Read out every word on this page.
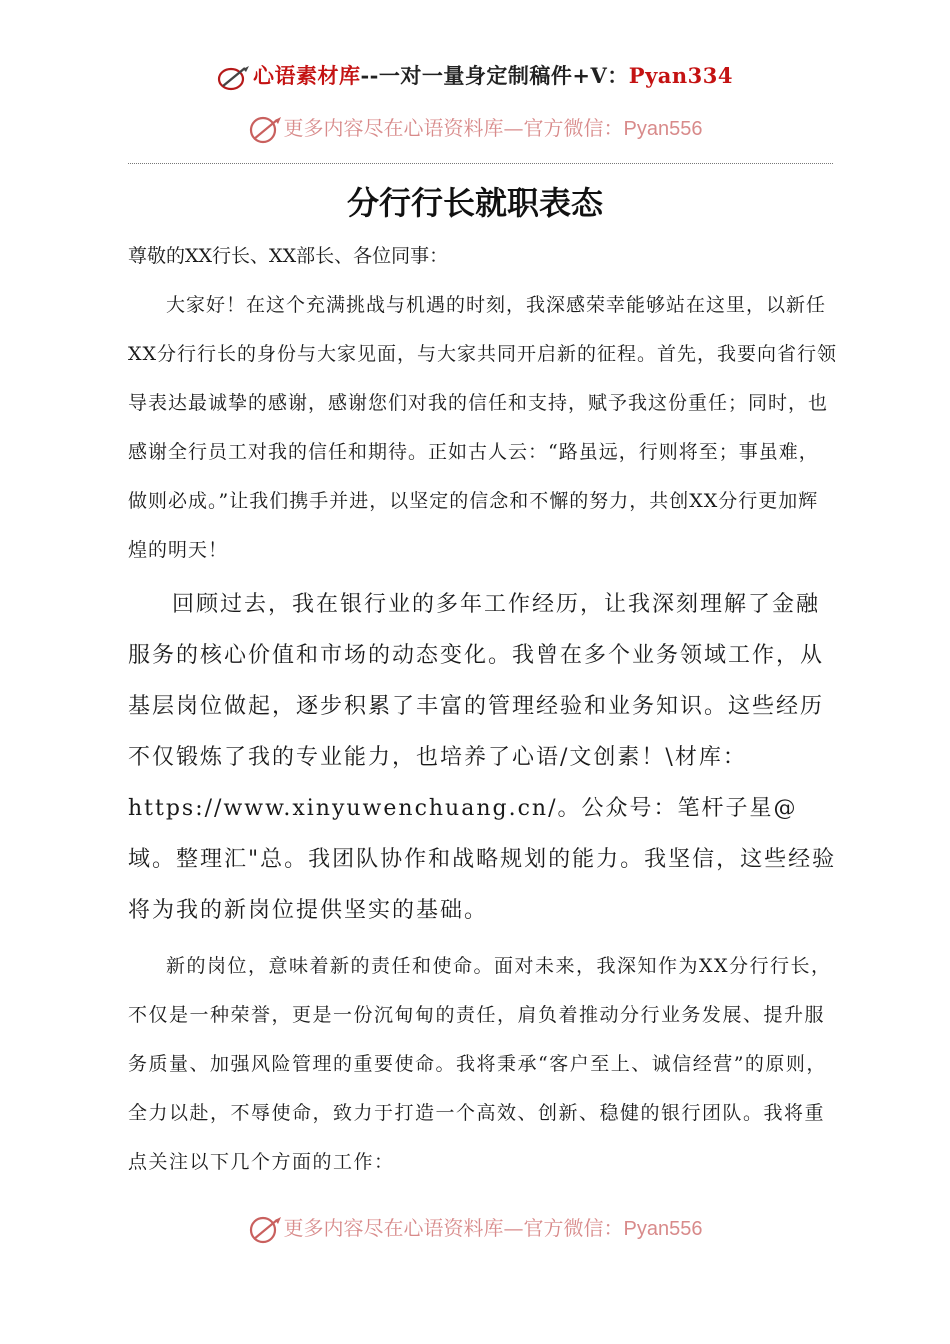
心语素材库--一对一量身定制稿件+V：Pyan334
更多内容尽在心语资料库—官方微信：Pyan556
分行行长就职表态

尊敬的XX行长、XX部长、各位同事：

大家好！在这个充满挑战与机遇的时刻，我深感荣幸能够站在这里，以新任XX分行行长的身份与大家见面，与大家共同开启新的征程。首先，我要向省行领导表达最诚挚的感谢，感谢您们对我的信任和支持，赋予我这份重任；同时，也感谢全行员工对我的信任和期待。正如古人云：“路虽远，行则将至；事虽难，做则必成。”让我们携手并进，以坚定的信念和不懈的努力，共创XX分行更加辉煌的明天！

回顾过去，我在银行业的多年工作经历，让我深刻理解了金融服务的核心价值和市场的动态变化。我曾在多个业务领域工作，从基层岗位做起，逐步积累了丰富的管理经验和业务知识。这些经历不仅锻炼了我的专业能力，也培养了心语/文创素！\材库：https://www.xinyuwenchuang.cn/。公众号：笔杆子星@域。整理汇"总。我团队协作和战略规划的能力。我坚信，这些经验将为我的新岗位提供坚实的基础。

新的岗位，意味着新的责任和使命。面对未来，我深知作为XX分行行长，不仅是一种荣誉，更是一份沉甸甸的责任，肩负着推动分行业务发展、提升服务质量、加强风险管理的重要使命。我将秉承“客户至上、诚信经营”的原则，全力以赴，不辱使命，致力于打造一个高效、创新、稳健的银行团队。我将重点关注以下几个方面的工作：

更多内容尽在心语资料库—官方微信：Pyan556
